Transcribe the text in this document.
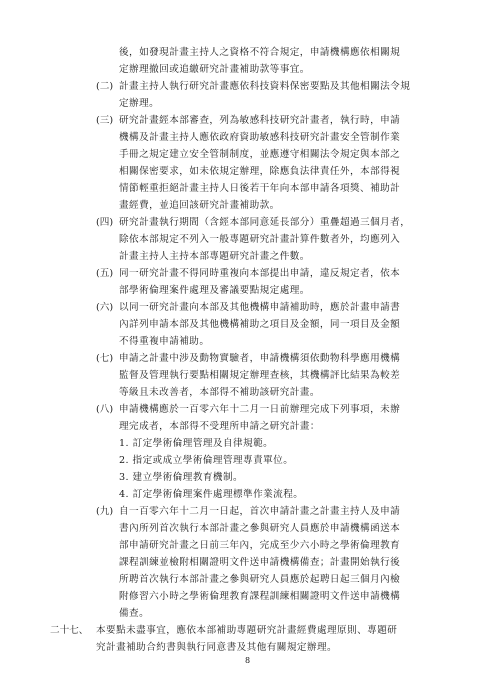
後，如發現計畫主持人之資格不符合規定，申請機構應依相關規
定辦理撤回或追繳研究計畫補助款等事宜。
(二) 計畫主持人執行研究計畫應依科技資料保密要點及其他相關法令規
定辦理。
(三) 研究計畫經本部審查，列為敏感科技研究計畫者，執行時，申請
機構及計畫主持人應依政府資助敏感科技研究計畫安全管制作業
手冊之規定建立安全管制制度，並應遵守相關法令規定與本部之
相關保密要求，如未依規定辦理，除應負法律責任外，本部得視
情節輕重拒絕計畫主持人日後若干年向本部申請各項獎、補助計
畫經費，並追回該研究計畫補助款。
(四) 研究計畫執行期間（含經本部同意延長部分）重疊超過三個月者，
除依本部規定不列入一般專題研究計畫計算件數者外，均應列入
計畫主持人主持本部專題研究計畫之件數。
(五) 同一研究計畫不得同時重複向本部提出申請，違反規定者，依本
部學術倫理案件處理及審議要點規定處理。
(六) 以同一研究計畫向本部及其他機構申請補助時，應於計畫申請書
內詳列申請本部及其他機構補助之項目及金額，同一項目及金額
不得重複申請補助。
(七) 申請之計畫中涉及動物實驗者，申請機構須依動物科學應用機構
監督及管理執行要點相關規定辦理查核，其機構評比結果為較差
等級且未改善者，本部得不補助該研究計畫。
(八) 申請機構應於一百零六年十二月一日前辦理完成下列事項，未辦
理完成者，本部得不受理所申請之研究計畫：
1. 訂定學術倫理管理及自律規範。
2. 指定或成立學術倫理管理專責單位。
3. 建立學術倫理教育機制。
4. 訂定學術倫理案件處理標準作業流程。
(九) 自一百零六年十二月一日起，首次申請計畫之計畫主持人及申請
書內所列首次執行本部計畫之參與研究人員應於申請機構函送本
部申請研究計畫之日前三年內，完成至少六小時之學術倫理教育
課程訓練並檢附相關證明文件送申請機構備查；計畫開始執行後
所聘首次執行本部計畫之參與研究人員應於起聘日起三個月內檢
附修習六小時之學術倫理教育課程訓練相關證明文件送申請機構
備查。
二十七、 本要點未盡事宜，應依本部補助專題研究計畫經費處理原則、專題研
究計畫補助合約書與執行同意書及其他有關規定辦理。
8
